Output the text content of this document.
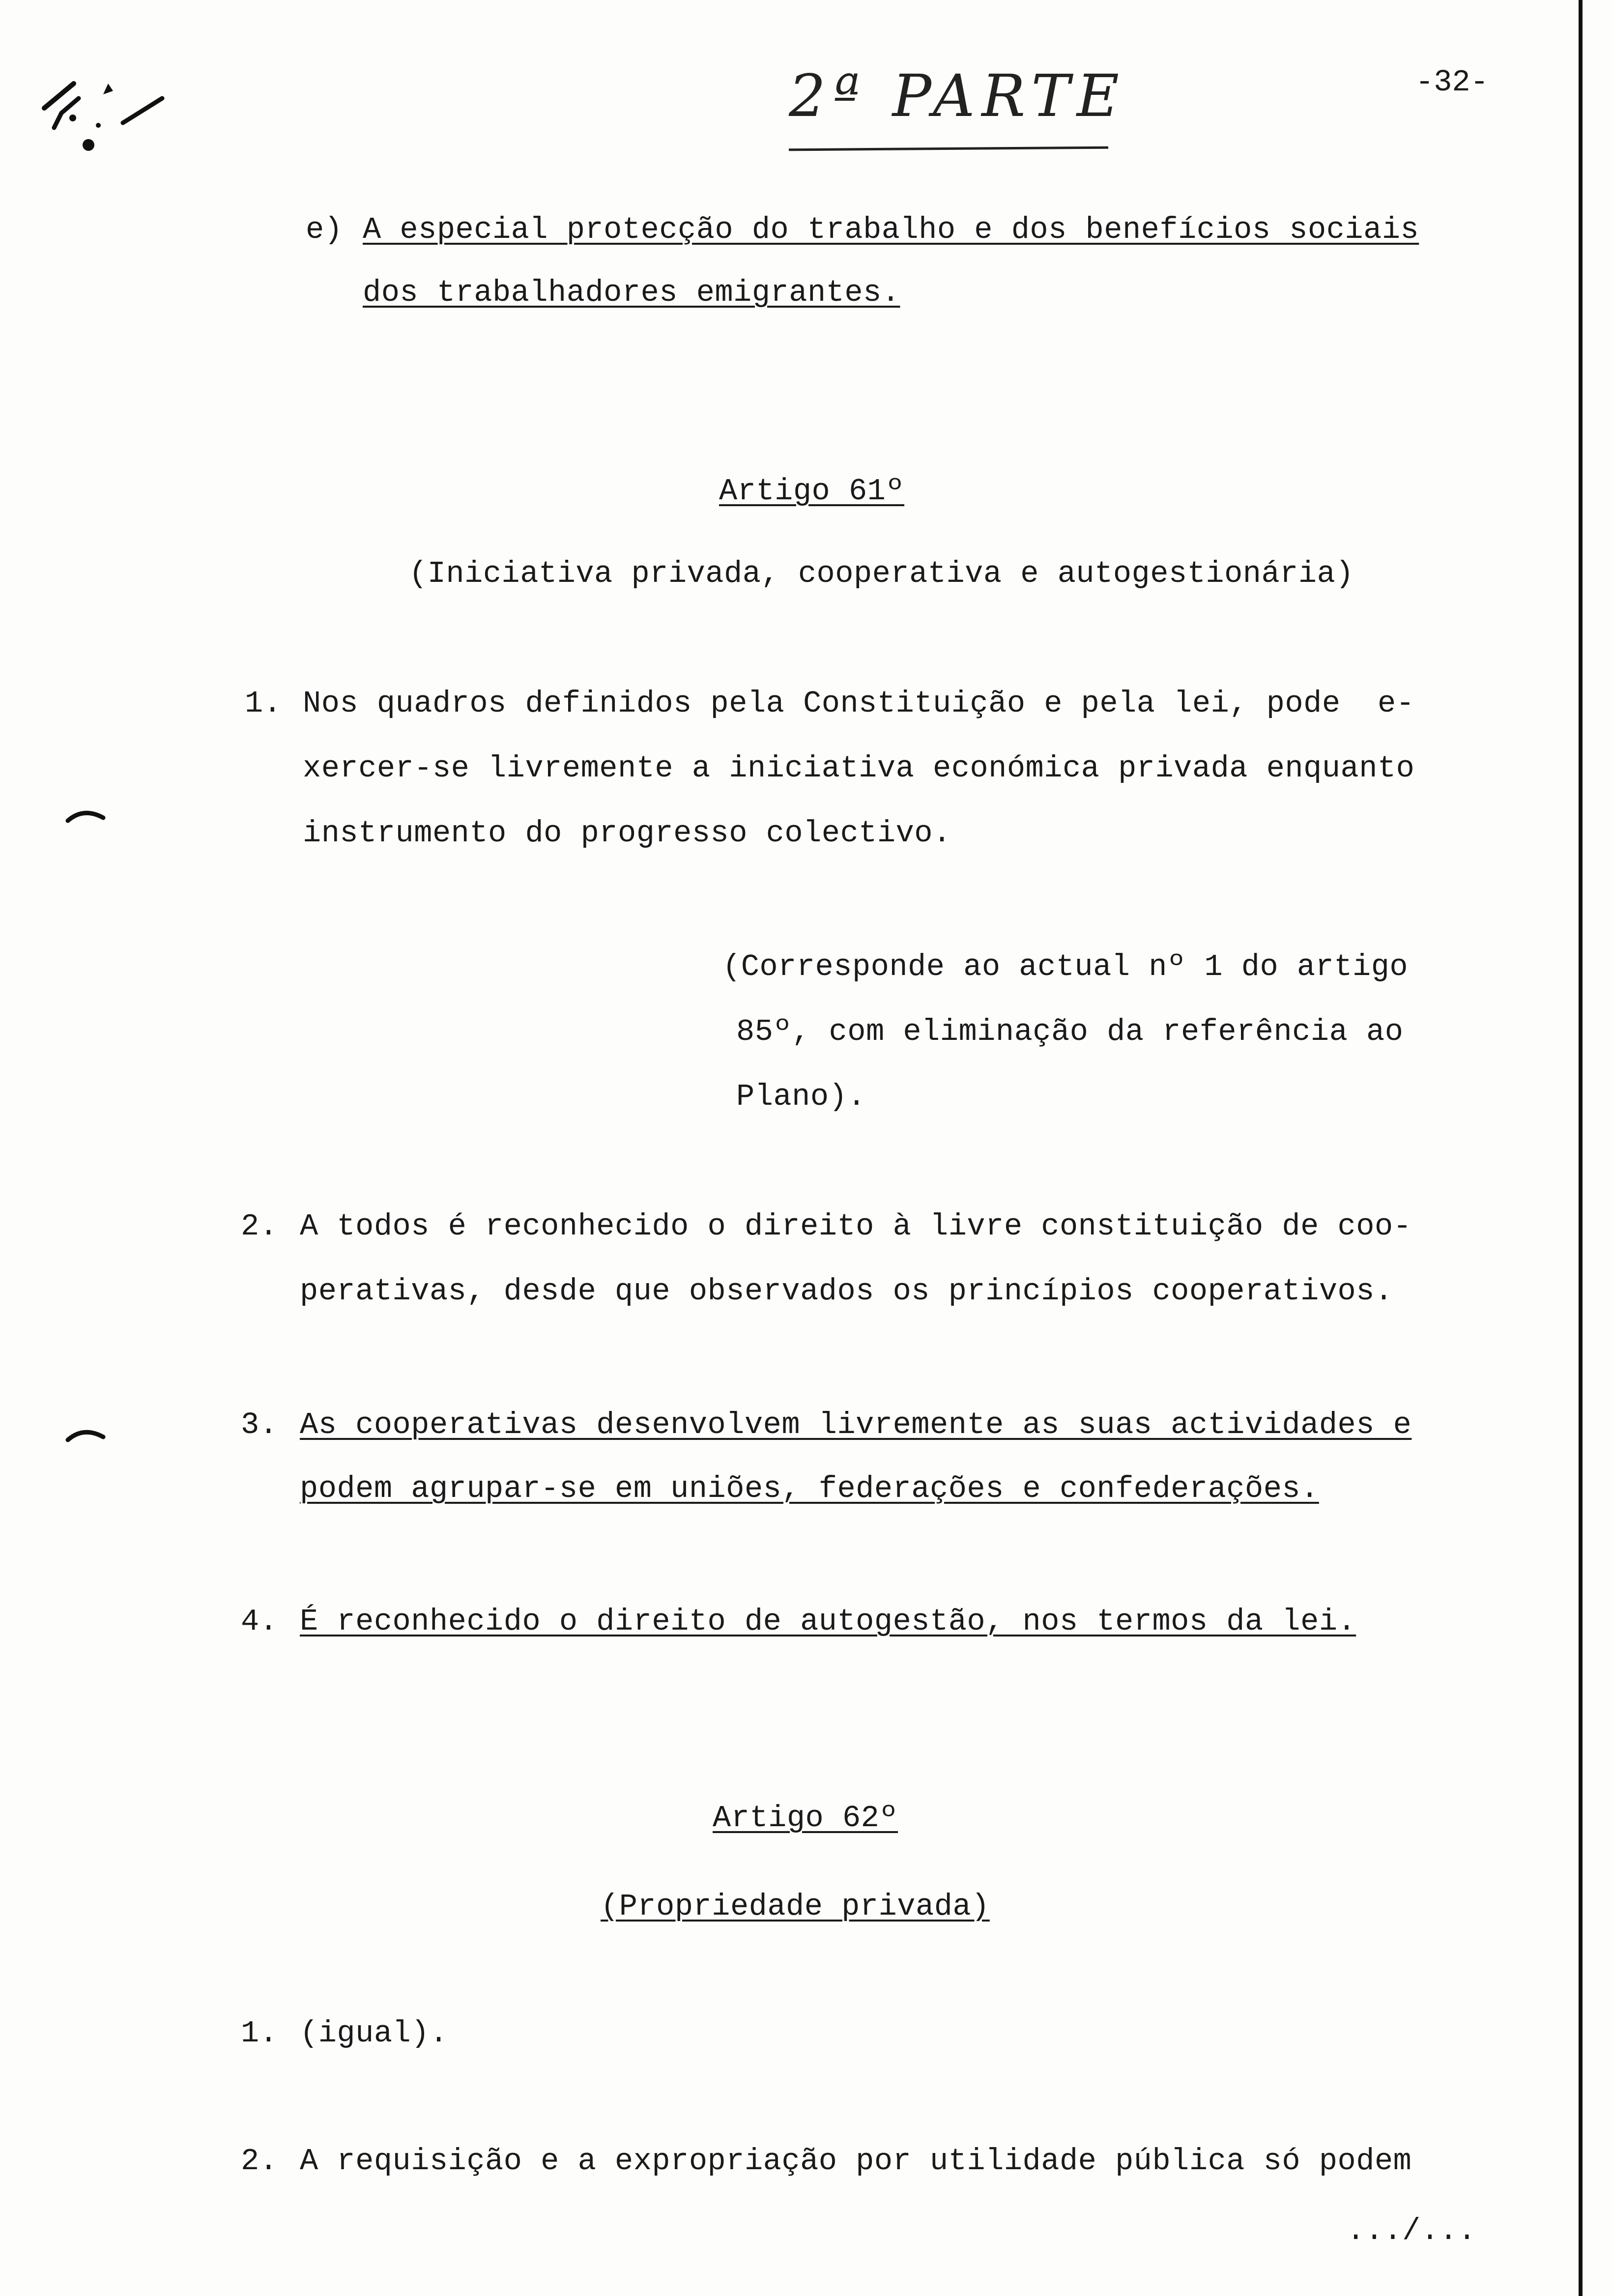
2ª PARTE	-32-
e) A especial protecção do trabalho e dos benefícios sociais
dos trabalhadores emigrantes.
Artigo 61º
(Iniciativa privada, cooperativa e autogestionária)
1. Nos quadros definidos pela Constituição e pela lei, pode  e-
xercer-se livremente a iniciativa económica privada enquanto
instrumento do progresso colectivo.
(Corresponde ao actual nº 1 do artigo
85º, com eliminação da referência ao
Plano).
2. A todos é reconhecido o direito à livre constituição de coo-
perativas, desde que observados os princípios cooperativos.
3. As cooperativas desenvolvem livremente as suas actividades e
podem agrupar-se em uniões, federações e confederações.
4. É reconhecido o direito de autogestão, nos termos da lei.
Artigo 62º
(Propriedade privada)
1. (igual).
2. A requisição e a expropriação por utilidade pública só podem
.../...
